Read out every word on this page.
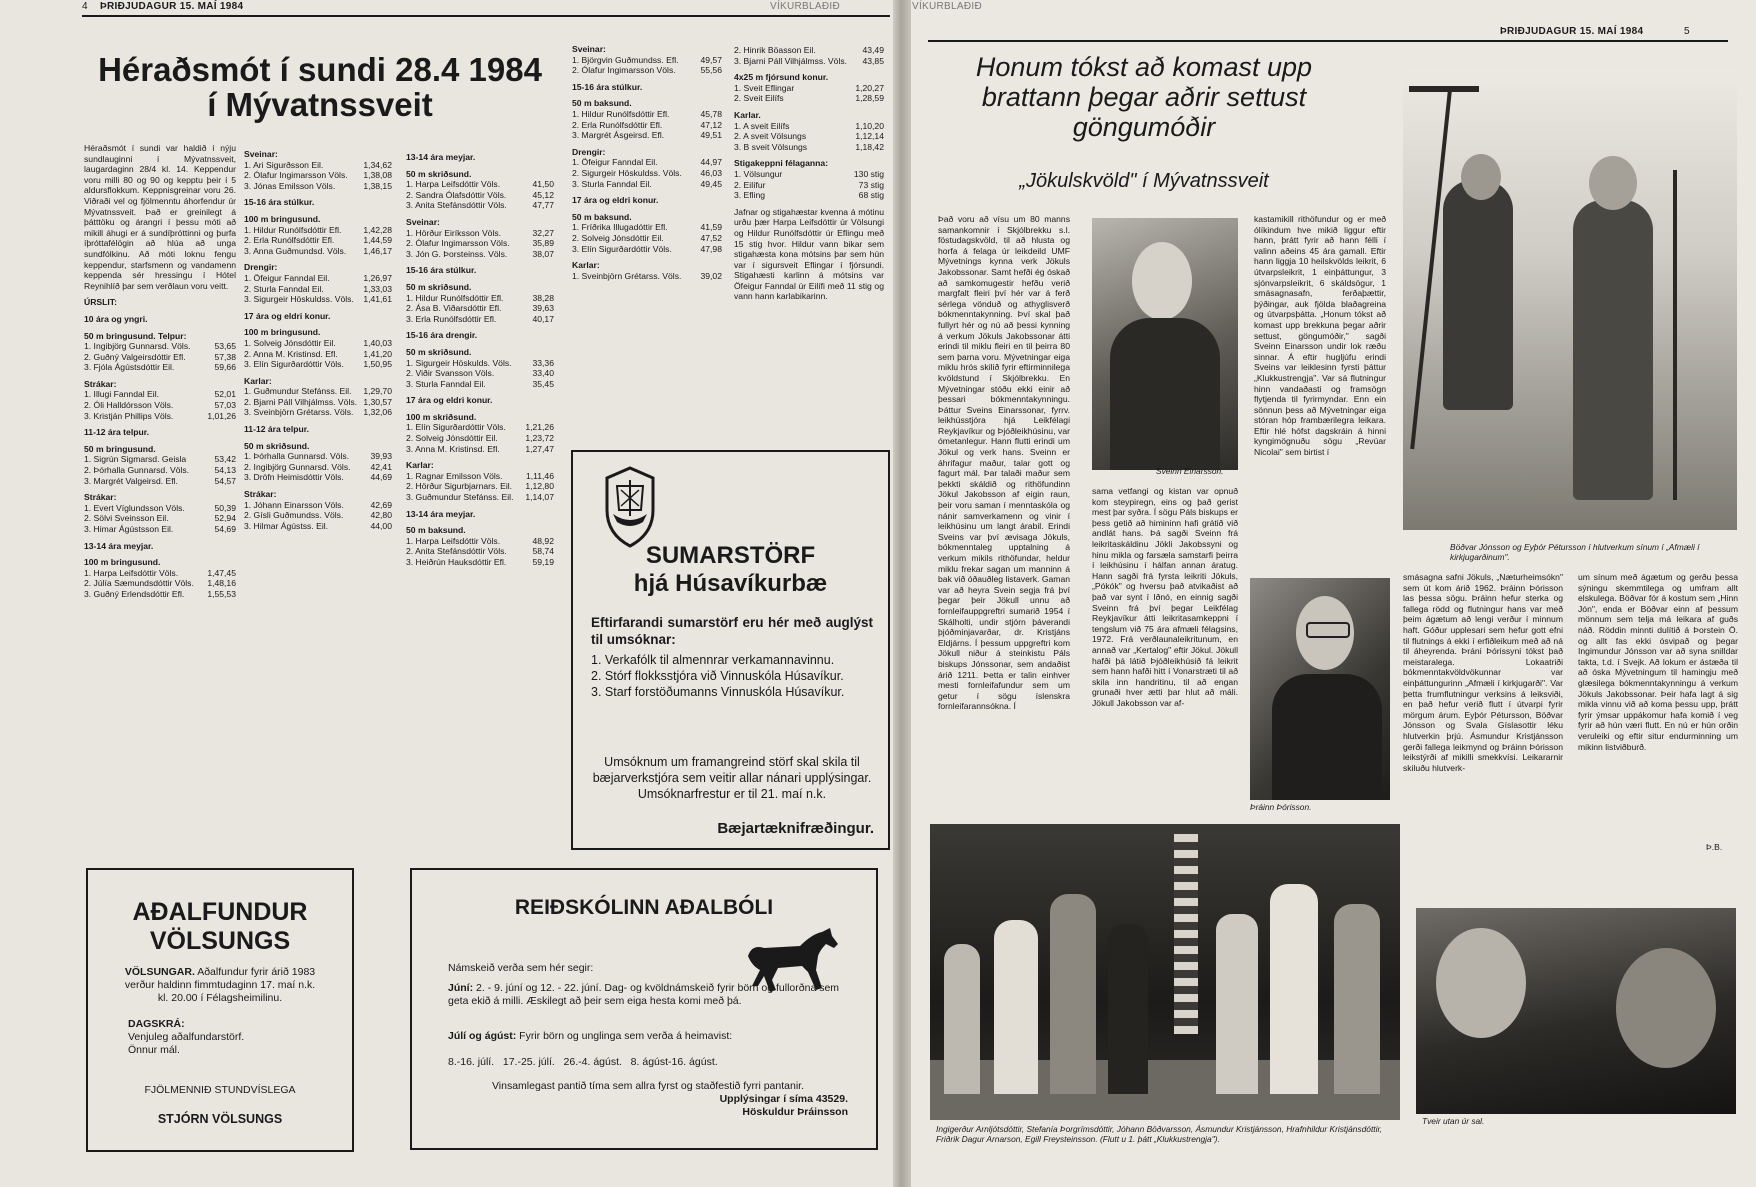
4 ÞRIÐJUDAGUR 15. MAÍ 1984	VÍKURBLAÐIÐ
Héraðsmót í sundi 28.4 1984
í Mývatnssveit

Héraðsmót í sundi var haldið í nýju sundlauginni í Mývatnssveit, laugardaginn 28/4 kl. 14. Keppendur voru milli 80 og 90 og kepptu þeir í 5 aldursflokkum. Keppnisgreinar voru 26. Viðraði vel og fjölmenntu áhorfendur úr Mývatnssveit. Það er greinilegt á þátttöku og árangri í þessu móti að mikill áhugi er á sundíþróttinni og þurfa íþróttafélögin að hlúa að unga sundfólkinu. Að móti loknu fengu keppendur, starfsmenn og vandamenn keppenda sér hressingu í Hótel Reynihlíð þar sem verðlaun voru veitt.

ÚRSLIT:

10 ára og yngri.

50 m bringusund. Telpur:

1. Ingibjörg Gunnarsd. Völs.	53,65
2. Guðný Valgeirsdóttir Efl.	57,38
3. Fjóla Ágústsdóttir Eil.	59,66

Strákar:

1. Illugi Fanndal Eil.	52,01
2. Óli Halldórsson Völs.	57,03
3. Kristján Phillips Völs.	1,01,26

11-12 ára telpur.

50 m bringusund.

1. Sigrún Sigmarsd. Geisla	53,42
2. Þórhalla Gunnarsd. Völs.	54,13
3. Margrét Valgeirsd. Efl.	54,57

Strákar:

1. Evert Víglundsson Völs.	50,39
2. Sölvi Sveinsson Eil.	52,94
3. Himar Ágústsson Eil.	54,69

13-14 ára meyjar.

100 m bringusund.

1. Harpa Leifsdóttir Völs.	1,47,45
2. Júlía Sæmundsdóttir Völs. 1,48,16
3. Guðný Erlendsdóttir Efl.	1,55,53

Sveinar:

1. Ari Sigurðsson Eil.	1,34,62
2. Ólafur Ingimarsson Völs. 1,38,08
3. Jónas Emilsson Völs.	1,38,15

15-16 ára stúlkur.

100 m bringusund.

1. Hildur Runólfsdóttir Efl.	1,42,28
2. Erla Runólfsdóttir Efl.	1,44,59
3. Anna Guðmundsd. Völs. 1,46,17

Drengir:

1. Öfeigur Fanndal Eil.	1,26,97
2. Sturla Fanndal Eil.	1,33,03
3. Sigurgeir Höskuldss. Völs. 1,41,61

17 ára og eldri konur.

100 m bringusund.

1. Solveig Jónsdóttir Eil.	1,40,03
2. Anna M. Kristinsd. Efl.	1,41,20
3. Elín Sigurðardóttir Völs. 1,50,95

Karlar:

1. Guðmundur Stefánss. Eil. 1,29,70
2. Bjarni Páll Vilhjálmss. Völs. 1,30,57
3. Sveinbjörn Grétarss. Völs. 1,32,06

11-12 ára telpur.

50 m skriðsund.

1. Þórhalla Gunnarsd. Völs. 39,93
2. Ingibjörg Gunnarsd. Völs. 42,41
3. Dröfn Heimisdóttir Völs.	44,69

Strákar:

1. Jóhann Einarsson Völs.	42,69
2. Gísli Guðmundss. Völs.	42,80
3. Hilmar Ágústss. Eil.	44,00

13-14 ára meyjar.

50 m skriðsund.

1. Harpa Leifsdóttir Völs.	41,50
2. Sandra Ólafsdóttir Völs.	45,12
3. Anita Stefánsdóttir Völs.	47,77

Sveinar:

1. Hörður Eiríksson Völs.	32,27
2. Ólafur Ingimarsson Völs.	35,89
3. Jón G. Þorsteinss. Völs.	38,07

15-16 ára stúlkur.

50 m skriðsund.

1. Hildur Runólfsdóttir Efl.	38,28
2. Ása B. Viðarsdóttir Efl.	39,63
3. Erla Runólfsdóttir Efl.	40,17

15-16 ára drengir.

50 m skriðsund.

1. Sigurgeir Höskulds. Völs. 33,36
2. Viðir Svansson Völs.	33,40
3. Sturla Fanndal Eil.	35,45

17 ára og eldri konur.

100 m skriðsund.

1. Elín Sigurðardóttir Völs. 1,21,26
2. Solveig Jónsdóttir Eil.	1,23,72
3. Anna M. Kristinsd. Efl.	1,27,47

Karlar:

1. Ragnar Emilsson Völs.	1,11,46
2. Hörður Sigurbjarnars. Eil. 1,12,80
3. Guðmundur Stefánss. Eil. 1,14,07

13-14 ára meyjar.

50 m baksund.

1. Harpa Leifsdóttir Völs.	48,92
2. Anita Stefánsdóttir Völs.	58,74
3. Heiðrún Hauksdóttir Efl.	59,19

Sveinar:

1. Björgvin Guðmundss. Efl.	49,57
2. Ólafur Ingimarsson Völs.	55,56

15-16 ára stúlkur.

50 m baksund.

1. Hildur Runólfsdóttir Efl.	45,78
2. Erla Runólfsdóttir Efl.	47,12
3. Margrét Ásgeirsd. Efl.	49,51

Drengir:

1. Öfeigur Fanndal Eil.	44,97
2. Sigurgeir Höskuldss. Völs. 46,03
3. Sturla Fanndal Eil.	49,45

17 ára og eldri konur.

50 m baksund.

1. Fríðrika Illugadóttir Efl.	41,59
2. Solveig Jónsdóttir Eil.	47,52
3. Elín Sigurðardóttir Völs.	47,98

Karlar:

1. Sveinbjörn Grétarss. Völs. 39,02
2. Hinrik Böasson Eil.	43,49
3. Bjarni Páll Vilhjálmss. Völs. 43,85

4x25 m fjórsund konur.

1. Sveit Eflingar	1,20,27
2. Sveit Eilífs	1,28,59

Karlar.

1. A sveit Eilífs	1,10,20
2. A sveit Völsungs	1,12,14
3. B sveit Völsungs	1,18,42

Stigakeppni félaganna:

1. Völsungur	130 stig
2. Eilífur	73 stig
3. Efling	68 stig

Jafnar og stigahæstar kvenna á mótinu urðu þær Harpa Leifsdóttir úr Völsungi og Hildur Runólfsdóttir úr Eflingu með 15 stig hvor. Hildur vann bikar sem stigahæsta kona mótsins þar sem hún var í sigursveit Eflingar í fjórsundi. Stigahæsti karlinn á mótsins var Öfeigur Fanndal úr Eilífi með 11 stig og vann hann karlabikarinn.

SUMARSTÖRF
hjá Húsavíkurbæ
Eftirfarandi sumarstörf eru hér með auglýst til umsóknar:
1. Verkafólk til almennrar verkamannavinnu.
2. Stórf flokksstjóra við Vinnuskóla Húsavíkur.
3. Starf forstöðumanns Vinnuskóla Húsavíkur.
Umsóknum um framangreind störf skal skila til bæjarverkstjóra sem veitir allar nánari upplýsingar.
Umsóknarfrestur er til 21. maí n.k.
Bæjartæknifræðingur.
AÐALFUNDUR
VÖLSUNGS
VÖLSUNGAR. Aðalfundur fyrir árið 1983 verður haldinn fimmtudaginn 17. maí n.k. kl. 20.00 í Félagsheimilinu.
DAGSKRÁ:
Venjuleg aðalfundarstörf.
Önnur mál.
FJÖLMENNIÐ STUNDVÍSLEGA
STJÓRN VÖLSUNGS
REIÐSKÓLINN AÐALBÓLI
Námskeið verða sem hér segir:
Júní: 2. - 9. júní og 12. - 22. júní. Dag- og kvöldnámskeið fyrir börn og fullorðna sem geta ekið á milli. Æskilegt að þeir sem eiga hesta komi með þá.
Júlí og ágúst: Fyrir börn og unglinga sem verða á heimavist:
8.-16. júlí.   17.-25. júlí.   26.-4. ágúst.   8. ágúst-16. ágúst.
Vinsamlegast pantið tíma sem allra fyrst og staðfestið fyrri pantanir.
Upplýsingar í síma 43529.
Höskuldur Þráinsson
VÍKURBLAÐIÐ
ÞRIÐJUDAGUR 15. MAÍ 1984	5
Honum tókst að komast upp
brattann þegar aðrir settust
göngumóðir
„Jökulskvöld" í Mývatnssveit
Það voru að vísu um 80 manns samankomnir í Skjólbrekku s.l. föstudagskvöld, til að hlusta og horfa á felaga úr leikdeild UMF Mývetnings kynna verk Jökuls Jakobssonar. Samt hefði ég óskað að samkomugestir hefðu verið margfalt fleiri því hér var á ferð sérlega vönduð og athyglisverð bókmenntakynning. Því skal það fullyrt hér og nú að þessi kynning á verkum Jökuls Jakobssonar átti erindi til miklu fleiri en til þeirra 80 sem þarna voru. Mývetningar eiga miklu hrós skilið fyrir eftirminnilega kvöldstund í Skjólbrekku. En Mývetningar stóðu ekki einir að þessari bókmenntakynningu. Þáttur Sveins Einarssonar, fyrrv. leikhússtjóra hjá Leikfélagi Reykjavíkur og Þjóðleikhúsinu, var ómetanlegur. Hann flutti erindi um Jökul og verk hans. Sveinn er áhrifagur maður, talar gott og fagurt mál. Þar talaði maður sem þekkti skáldið og rithöfundinn Jökul Jakobsson af eigin raun, þeir voru saman í menntaskóla og nánir samverkamenn og vinir í leikhúsinu um langt árabil. Erindi Sveins var því ævisaga Jökuls, bókmenntaleg upptalning á verkum mikils rithöfundar, heldur miklu frekar sagan um manninn á bak við óðauðleg listaverk. Gaman var að heyra Svein segja frá því þegar þeir Jökull unnu að fornleifauppgreftri sumarið 1954 í Skálholti, undir stjórn þáverandi þjóðminjavarðar, dr. Kristjáns Eldjárns. Í þessum uppgreftri kom Jökull niður á steinkistu Páls biskups Jónssonar, sem andaðist árið 1211. Þetta er talin einhver mesti fornleifafundur sem um getur í sögu íslenskra fornleifarannsókna. Í
Sveinn Einarsson.
sama vetfangi og kistan var opnuð kom steypiregn, eins og það gerist mest þar syðra. Í sögu Páls biskups er þess getið að himininn hafi grátið við andlát hans. Þá sagði Sveinn frá leikritaskáldinu Jökli Jakobssyni og hinu mikla og farsæla samstarfi þeirra í leikhúsinu í hálfan annan áratug. Hann sagði frá fyrsta leikriti Jökuls, „Pókók" og hversu það atvikaðist að það var synt í Iðnó, en einnig sagði Sveinn frá því þegar Leikfélag Reykjavíkur átti leikritasamkeppni í tengslum við 75 ára afmæli félagsins, 1972. Frá verðlaunaleikritunum, en annað var „Kertalog" eftir Jökul. Jökull hafði þá látið Þjóðleikhúsið fá leikrit sem hann hafði hitt í Vonarstræti til að skila inn handritinu, til að engan grunaði hver ætti þar hlut að máli. Jökull Jakobsson var af-
Þráinn Þórisson.
kastamikill rithöfundur og er með ólíkindum hve mikið liggur eftir hann, þrátt fyrir að hann félli í valinn aðeins 45 ára gamall. Eftir hann liggja 10 heilskvölds leikrit, 6 útvarpsleikrit, 1 einþáttungur, 3 sjónvarpsleikrit, 6 skáldsögur, 1 smásagnasafn, ferðaþættir, þýðingar, auk fjölda blaðagreina og útvarpsþátta. „Honum tókst að komast upp brekkuna þegar aðrir settust, göngumóðir," sagði Sveinn Einarsson undir lok ræðu sinnar. Á eftir hugljúfu erindi Sveins var leiklesinn fyrsti þáttur „Klukkustrengja". Var sá flutningur hinn vandaðasti og framsögn flytjenda til fyrirmyndar. Enn ein sönnun þess að Mývetningar eiga stóran hóp frambærilegra leikara. Eftir hlé hófst dagskráin á hinni kyngimögnuðu sögu „Revúar Nicolai" sem birtist í
Böðvar Jónsson og Eyþór Pétursson í hlutverkum sínum í „Afmæli í kirkjugarðinum".
smásagna safni Jökuls, „Næturheimsókn" sem út kom árið 1962. Þráinn Þórisson las þessa sögu. Þráinn hefur sterka og fallega rödd og flutningur hans var með þeim ágætum að lengi verður í minnum haft. Góður upplesari sem hefur gott efni til flutnings á ekki í erfiðleikum með að ná til áheyrenda. Þráni Þórissyni tókst það meistaralega. Lokaatriði bókmenntakvöldvökunnar var einþáttungurinn „Afmæli í kirkjugarði". Var þetta frumflutningur verksins á leiksviði, en það hefur verið flutt í útvarpi fyrir mörgum árum. Eyþór Pétursson, Böðvar Jónsson og Svala Gíslasottir léku hlutverkin þrjú. Ásmundur Kristjánsson gerði fallega leikmynd og Þráinn Þórisson leikstýrði af mikilli smekkvísi. Leikararnir skiluðu hlutverk-
um sínum með ágætum og gerðu þessa sýningu skemmtilega og umfram allt elskulega. Böðvar fór á kostum sem „Hinn Jón", enda er Böðvar einn af þessum mönnum sem telja má leikara af guðs náð. Röddin minnti dulítið á Þorstein Ö. og allt fas ekki ósvipað og þegar Ingimundur Jónsson var að synа snilldar takta, t.d. í Svejk. Að lokum er ástæða til að óska Mývetningum til hamingju með glæsilega bókmenntakynningu á verkum Jökuls Jakobssonar. Þeir hafa lagt á sig mikla vinnu við að koma þessu upp, þrátt fyrir ýmsar uppákomur hafa komið í veg fyrir að hún væri flutt. En nú er hún orðin veruleiki og eftir situr endurminning um mikinn listviðburð.
Þ.B.
Ingigerður Arnljótsdóttir, Stefanía Þorgrímsdóttir, Jóhann Böðvarsson, Ásmundur Kristjánsson, Hrafnhildur Kristjánsdóttir, Friðrik Dagur Arnarson, Egill Freysteinsson. (Flutt u 1. þátt „Klukkustrengja").
Tveir utan úr sal.
